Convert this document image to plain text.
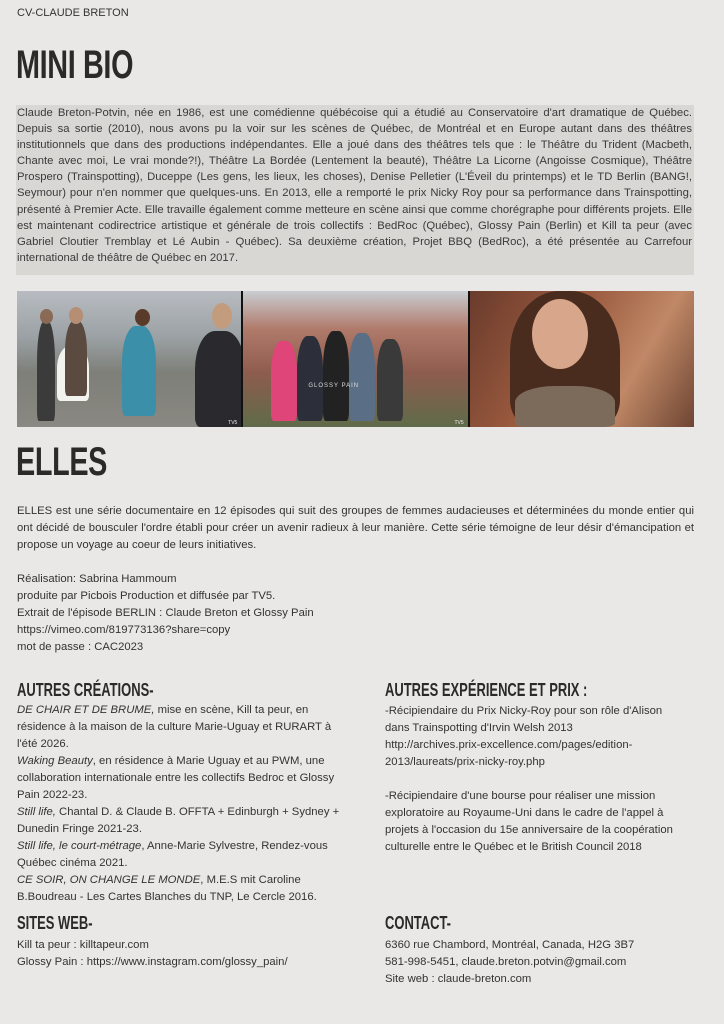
CV-CLAUDE BRETON
MINI BIO
Claude Breton-Potvin, née en 1986, est une comédienne québécoise qui a étudié au Conservatoire d'art dramatique de Québec. Depuis sa sortie (2010), nous avons pu la voir sur les scènes de Québec, de Montréal et en Europe autant dans des théâtres institutionnels que dans des productions indépendantes. Elle a joué dans des théâtres tels que : le Théâtre du Trident (Macbeth, Chante avec moi, Le vrai monde?!), Théâtre La Bordée (Lentement la beauté), Théâtre La Licorne (Angoisse Cosmique), Théâtre Prospero (Trainspotting), Duceppe (Les gens, les lieux, les choses), Denise Pelletier (L'Éveil du printemps) et le TD Berlin (BANG!, Seymour) pour n'en nommer que quelques-uns. En 2013, elle a remporté le prix Nicky Roy pour sa performance dans Trainspotting, présenté à Premier Acte. Elle travaille également comme metteure en scène ainsi que comme chorégraphe pour différents projets. Elle est maintenant codirectrice artistique et générale de trois collectifs : BedRoc (Québec), Glossy Pain (Berlin) et Kill ta peur (avec Gabriel Cloutier Tremblay et Lé Aubin - Québec). Sa deuxième création, Projet BBQ (BedRoc), a été présentée au Carrefour international de théâtre de Québec en 2017.
TV5
GLOSSY PAIN
TV5
ELLES
ELLES est une série documentaire en 12 épisodes qui suit des groupes de femmes audacieuses et déterminées du monde entier qui ont décidé de bousculer l'ordre établi pour créer un avenir radieux à leur manière. Cette série témoigne de leur désir d'émancipation et propose un voyage au coeur de leurs initiatives.
Réalisation: Sabrina Hammoum
produite par Picbois Production et diffusée par TV5.
Extrait de l'épisode BERLIN : Claude Breton et Glossy Pain
https://vimeo.com/819773136?share=copy
mot de passe : CAC2023
AUTRES CRÉATIONS-

DE CHAIR ET DE BRUME, mise en scène, Kill ta peur, en résidence à la maison de la culture Marie-Uguay et RURART à l'été 2026.

Waking Beauty, en résidence à Marie Uguay et au PWM, une collaboration internationale entre les collectifs Bedroc et Glossy Pain 2022-23.

Still life, Chantal D. & Claude B. OFFTA + Edinburgh + Sydney + Dunedin Fringe 2021-23.

Still life, le court-métrage, Anne-Marie Sylvestre, Rendez-vous Québec cinéma 2021.

CE SOIR, ON CHANGE LE MONDE, M.E.S mit Caroline B.Boudreau - Les Cartes Blanches du TNP, Le Cercle 2016.

AUTRES EXPÉRIENCE ET PRIX :

-Récipiendaire du Prix Nicky-Roy pour son rôle d'Alison dans Trainspotting d'Irvin Welsh 2013

http://archives.prix-excellence.com/pages/edition-2013/laureats/prix-nicky-roy.php

-Récipiendaire d'une bourse pour réaliser une mission exploratoire au Royaume-Uni dans le cadre de l'appel à projets à l'occasion du 15e anniversaire de la coopération culturelle entre le Québec et le British Council 2018

SITES WEB-
Kill ta peur : killtapeur.com
Glossy Pain : https://www.instagram.com/glossy_pain/
CONTACT-
6360 rue Chambord, Montréal, Canada, H2G 3B7
581-998-5451, claude.breton.potvin@gmail.com
Site web : claude-breton.com
